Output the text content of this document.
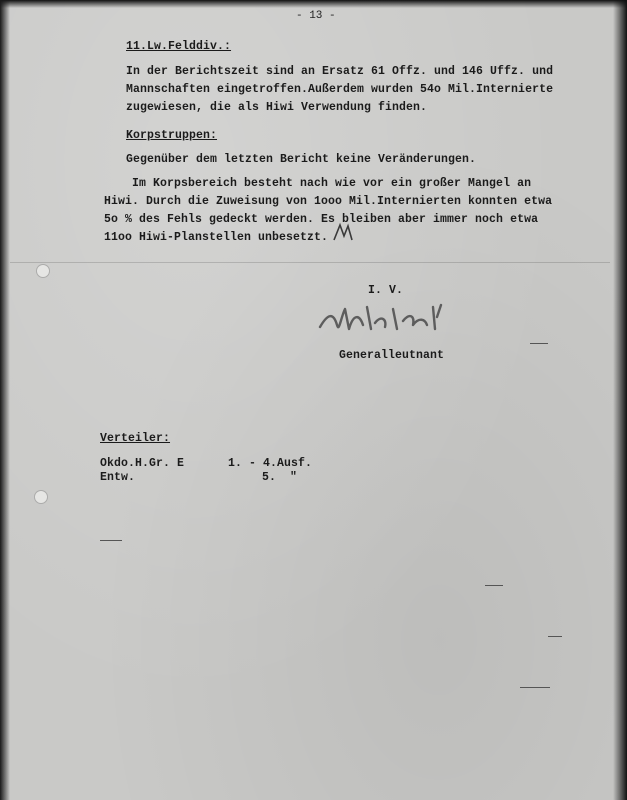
- 13 -

11.Lw.Felddiv.:

In der Berichtszeit sind an Ersatz 61 Offz. und 146 Uffz. und

Mannschaften eingetroffen.Außerdem wurden 54o Mil.Internierte

zugewiesen, die als Hiwi Verwendung finden.

Korpstruppen:

Gegenüber dem letzten Bericht keine Veränderungen.

Im Korpsbereich besteht nach wie vor ein großer Mangel an

Hiwi. Durch die Zuweisung von 1ooo Mil.Internierten konnten etwa

5o % des Fehls gedeckt werden. Es bleiben aber immer noch etwa

11oo Hiwi-Planstellen unbesetzt.

I. V.

Generalleutnant

Verteiler:

Okdo.H.Gr. E	1. - 4.Ausf.

Entw.	5.  "
